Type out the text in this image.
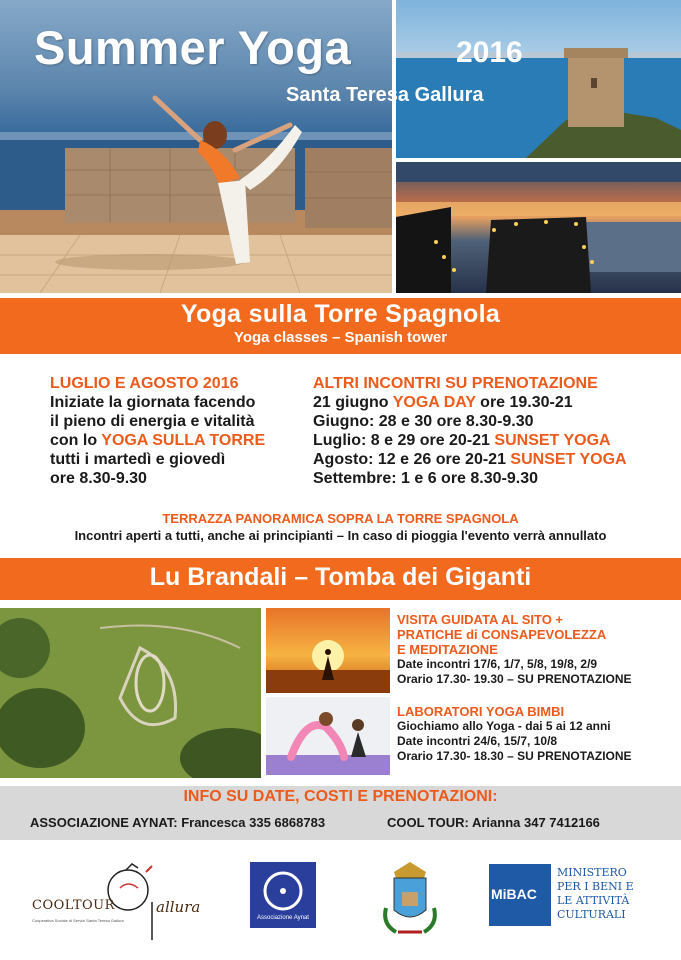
Summer Yoga	2016
Santa Teresa Gallura
Yoga sulla Torre Spagnola
Yoga classes – Spanish tower
LUGLIO E AGOSTO 2016
Iniziate la giornata facendo
il pieno di energia e vitalità
con lo YOGA SULLA TORRE
tutti i martedì e giovedì
ore 8.30-9.30
ALTRI INCONTRI SU PRENOTAZIONE
21 giugno YOGA DAY ore 19.30-21
Giugno: 28 e 30 ore 8.30-9.30
Luglio: 8 e 29 ore 20-21 SUNSET YOGA
Agosto: 12 e 26 ore 20-21 SUNSET YOGA
Settembre: 1 e 6 ore 8.30-9.30
TERRAZZA PANORAMICA SOPRA LA TORRE SPAGNOLA
Incontri aperti a tutti, anche ai principianti – In caso di pioggia l'evento verrà annullato
Lu Brandali – Tomba dei Giganti
VISITA GUIDATA AL SITO +
PRATICHE di CONSAPEVOLEZZA
E MEDITAZIONE
Date incontri 17/6, 1/7, 5/8, 19/8, 2/9
Orario 17.30- 19.30 – SU PRENOTAZIONE
LABORATORI YOGA BIMBI
Giochiamo allo Yoga - dai 5 ai 12 anni
Date incontri 24/6, 15/7, 10/8
Orario 17.30- 18.30 – SU PRENOTAZIONE
INFO SU DATE, COSTI E PRENOTAZIONI:
ASSOCIAZIONE AYNAT: Francesca 335 6868783	COOL TOUR: Arianna 347 7412166
COOLTOUR	allura
Cooperativa Sociale di Servizi Santa Teresa Gallura	Associazione Aynat
MiBAC
MINISTERO
PER I BENI E
LE ATTIVITÀ
CULTURALI
